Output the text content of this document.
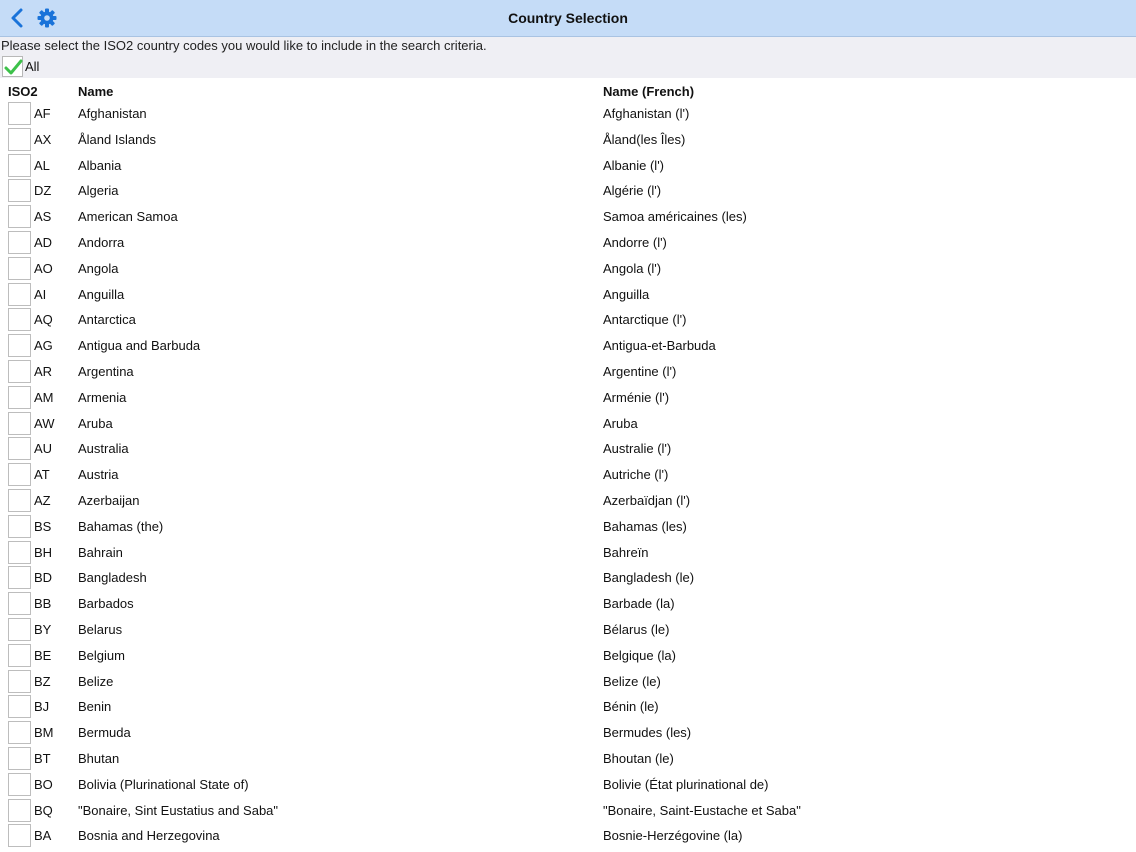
Country Selection
Please select the ISO2 country codes you would like to include in the search criteria.
All
ISO2	Name	Name (French)
AF Afghanistan	Afghanistan (l')
AX Åland Islands	Åland(les Îles)
AL Albania	Albanie (l')
DZ Algeria	Algérie (l')
AS American Samoa	Samoa américaines (les)
AD Andorra	Andorre (l')
AO Angola	Angola (l')
AI Anguilla	Anguilla
AQ Antarctica	Antarctique (l')
AG Antigua and Barbuda	Antigua-et-Barbuda
AR Argentina	Argentine (l')
AM Armenia	Arménie (l')
AW Aruba	Aruba
AU Australia	Australie (l')
AT Austria	Autriche (l')
AZ Azerbaijan	Azerbaïdjan (l')
BS Bahamas (the)	Bahamas (les)
BH Bahrain	Bahreïn
BD Bangladesh	Bangladesh (le)
BB Barbados	Barbade (la)
BY Belarus	Bélarus (le)
BE Belgium	Belgique (la)
BZ Belize	Belize (le)
BJ Benin	Bénin (le)
BM Bermuda	Bermudes (les)
BT Bhutan	Bhoutan (le)
BO Bolivia (Plurinational State of)	Bolivie (État plurinational de)
BQ "Bonaire, Sint Eustatius and Saba"	"Bonaire, Saint-Eustache et Saba"
BA Bosnia and Herzegovina	Bosnie-Herzégovine (la)
